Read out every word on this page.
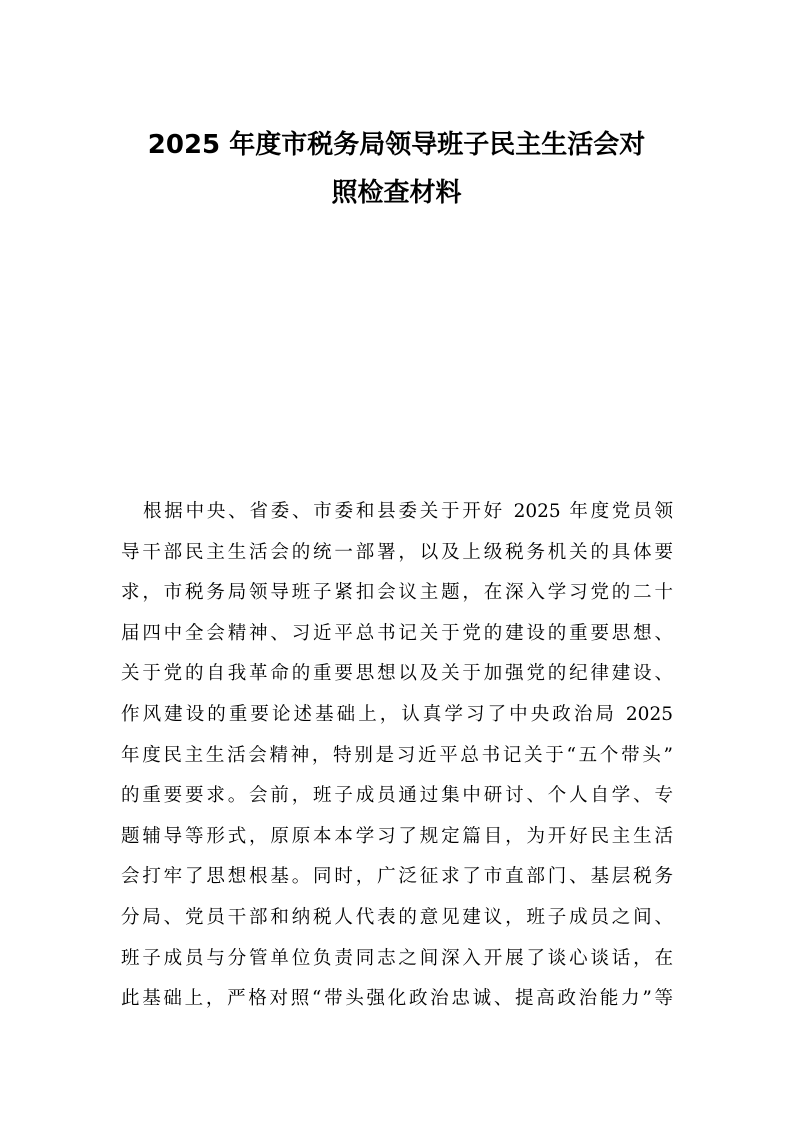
2025 年度市税务局领导班子民主生活会对
照检查材料
根据中央、省委、市委和县委关于开好 2025 年度党员领
导干部民主生活会的统一部署，以及上级税务机关的具体要
求，市税务局领导班子紧扣会议主题，在深入学习党的二十
届四中全会精神、习近平总书记关于党的建设的重要思想、
关于党的自我革命的重要思想以及关于加强党的纪律建设、
作风建设的重要论述基础上，认真学习了中央政治局 2025
年度民主生活会精神，特别是习近平总书记关于“五个带头”
的重要要求。会前，班子成员通过集中研讨、个人自学、专
题辅导等形式，原原本本学习了规定篇目，为开好民主生活
会打牢了思想根基。同时，广泛征求了市直部门、基层税务
分局、党员干部和纳税人代表的意见建议，班子成员之间、
班子成员与分管单位负责同志之间深入开展了谈心谈话，在
此基础上，严格对照“带头强化政治忠诚、提高政治能力”等
